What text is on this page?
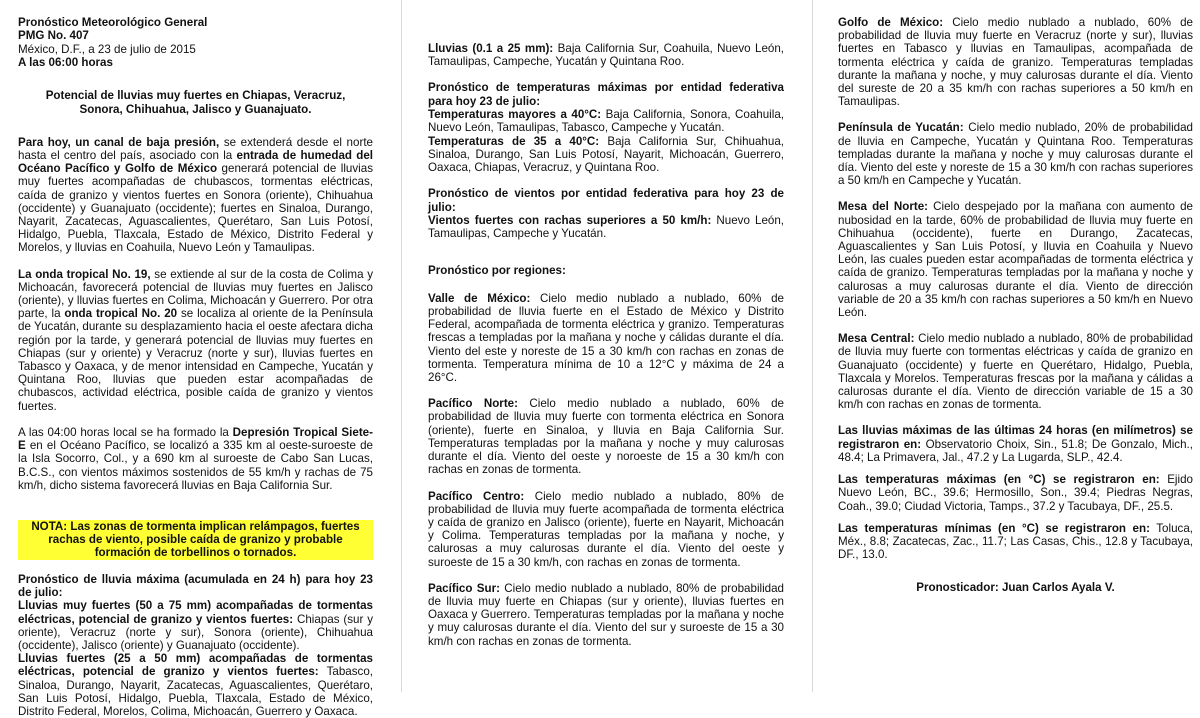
Pronóstico Meteorológico General

PMG No. 407

México, D.F., a 23 de julio de 2015

A las 06:00 horas

Potencial de lluvias muy fuertes en Chiapas, Veracruz, Sonora, Chihuahua, Jalisco y Guanajuato.

Para hoy, un canal de baja presión, se extenderá desde el norte hasta el centro del país, asociado con la entrada de humedad del Océano Pacífico y Golfo de México generará potencial de lluvias muy fuertes acompañadas de chubascos, tormentas eléctricas, caída de granizo y vientos fuertes en Sonora (oriente), Chihuahua (occidente) y Guanajuato (occidente); fuertes en Sinaloa, Durango, Nayarit, Zacatecas, Aguascalientes, Querétaro, San Luis Potosí, Hidalgo, Puebla, Tlaxcala, Estado de México, Distrito Federal y Morelos, y lluvias en Coahuila, Nuevo León y Tamaulipas.

La onda tropical No. 19, se extiende al sur de la costa de Colima y Michoacán, favorecerá potencial de lluvias muy fuertes en Jalisco (oriente), y lluvias fuertes en Colima, Michoacán y Guerrero. Por otra parte, la onda tropical No. 20 se localiza al oriente de la Península de Yucatán, durante su desplazamiento hacia el oeste afectara dicha región por la tarde, y generará potencial de lluvias muy fuertes en Chiapas (sur y oriente) y Veracruz (norte y sur), lluvias fuertes en Tabasco y Oaxaca, y de menor intensidad en Campeche, Yucatán y Quintana Roo, lluvias que pueden estar acompañadas de chubascos, actividad eléctrica, posible caída de granizo y vientos fuertes.

A las 04:00 horas local se ha formado la Depresión Tropical Siete-E en el Océano Pacífico, se localizó a 335 km al oeste-suroeste de la Isla Socorro, Col., y a 690 km al suroeste de Cabo San Lucas, B.C.S., con vientos máximos sostenidos de 55 km/h y rachas de 75 km/h, dicho sistema favorecerá lluvias en Baja California Sur.

NOTA: Las zonas de tormenta implican relámpagos, fuertes rachas de viento, posible caída de granizo y probable formación de torbellinos o tornados.

Pronóstico de lluvia máxima (acumulada en 24 h) para hoy 23 de julio:

Lluvias muy fuertes (50 a 75 mm) acompañadas de tormentas eléctricas, potencial de granizo y vientos fuertes: Chiapas (sur y oriente), Veracruz (norte y sur), Sonora (oriente), Chihuahua (occidente), Jalisco (oriente) y Guanajuato (occidente).

Lluvias fuertes (25 a 50 mm) acompañadas de tormentas eléctricas, potencial de granizo y vientos fuertes: Tabasco, Sinaloa, Durango, Nayarit, Zacatecas, Aguascalientes, Querétaro, San Luis Potosí, Hidalgo, Puebla, Tlaxcala, Estado de México, Distrito Federal, Morelos, Colima, Michoacán, Guerrero y Oaxaca.

Lluvias (0.1 a 25 mm): Baja California Sur, Coahuila, Nuevo León, Tamaulipas, Campeche, Yucatán y Quintana Roo.

Pronóstico de temperaturas máximas por entidad federativa para hoy 23 de julio:

Temperaturas mayores a 40°C: Baja California, Sonora, Coahuila, Nuevo León, Tamaulipas, Tabasco, Campeche y Yucatán.

Temperaturas de 35 a 40°C: Baja California Sur, Chihuahua, Sinaloa, Durango, San Luis Potosí, Nayarit, Michoacán, Guerrero, Oaxaca, Chiapas, Veracruz, y Quintana Roo.

Pronóstico de vientos por entidad federativa para hoy 23 de julio:

Vientos fuertes con rachas superiores a 50 km/h: Nuevo León, Tamaulipas, Campeche y Yucatán.

Pronóstico por regiones:

Valle de México: Cielo medio nublado a nublado, 60% de probabilidad de lluvia fuerte en el Estado de México y Distrito Federal, acompañada de tormenta eléctrica y granizo. Temperaturas frescas a templadas por la mañana y noche y cálidas durante el día. Viento del este y noreste de 15 a 30 km/h con rachas en zonas de tormenta. Temperatura mínima de 10 a 12°C y máxima de 24 a 26°C.

Pacífico Norte: Cielo medio nublado a nublado, 60% de probabilidad de lluvia muy fuerte con tormenta eléctrica en Sonora (oriente), fuerte en Sinaloa, y lluvia en Baja California Sur. Temperaturas templadas por la mañana y noche y muy calurosas durante el día. Viento del oeste y noroeste de 15 a 30 km/h con rachas en zonas de tormenta.

Pacífico Centro: Cielo medio nublado a nublado, 80% de probabilidad de lluvia muy fuerte acompañada de tormenta eléctrica y caída de granizo en Jalisco (oriente), fuerte en Nayarit, Michoacán y Colima. Temperaturas templadas por la mañana y noche, y calurosas a muy calurosas durante el día. Viento del oeste y suroeste de 15 a 30 km/h, con rachas en zonas de tormenta.

Pacífico Sur: Cielo medio nublado a nublado, 80% de probabilidad de lluvia muy fuerte en Chiapas (sur y oriente), lluvias fuertes en Oaxaca y Guerrero. Temperaturas templadas por la mañana y noche y muy calurosas durante el día. Viento del sur y suroeste de 15 a 30 km/h con rachas en zonas de tormenta.

Golfo de México: Cielo medio nublado a nublado, 60% de probabilidad de lluvia muy fuerte en Veracruz (norte y sur), lluvias fuertes en Tabasco y lluvias en Tamaulipas, acompañada de tormenta eléctrica y caída de granizo. Temperaturas templadas durante la mañana y noche, y muy calurosas durante el día. Viento del sureste de 20 a 35 km/h con rachas superiores a 50 km/h en Tamaulipas.

Península de Yucatán: Cielo medio nublado, 20% de probabilidad de lluvia en Campeche, Yucatán y Quintana Roo. Temperaturas templadas durante la mañana y noche y muy calurosas durante el día. Viento del este y noreste de 15 a 30 km/h con rachas superiores a 50 km/h en Campeche y Yucatán.

Mesa del Norte: Cielo despejado por la mañana con aumento de nubosidad en la tarde, 60% de probabilidad de lluvia muy fuerte en Chihuahua (occidente), fuerte en Durango, Zacatecas, Aguascalientes y San Luis Potosí, y lluvia en Coahuila y Nuevo León, las cuales pueden estar acompañadas de tormenta eléctrica y caída de granizo. Temperaturas templadas por la mañana y noche y calurosas a muy calurosas durante el día. Viento de dirección variable de 20 a 35 km/h con rachas superiores a 50 km/h en Nuevo León.

Mesa Central: Cielo medio nublado a nublado, 80% de probabilidad de lluvia muy fuerte con tormentas eléctricas y caída de granizo en Guanajuato (occidente) y fuerte en Querétaro, Hidalgo, Puebla, Tlaxcala y Morelos. Temperaturas frescas por la mañana y cálidas a calurosas durante el día. Viento de dirección variable de 15 a 30 km/h con rachas en zonas de tormenta.

Las lluvias máximas de las últimas 24 horas (en milímetros) se registraron en: Observatorio Choix, Sin., 51.8; De Gonzalo, Mich., 48.4; La Primavera, Jal., 47.2 y La Lugarda, SLP., 42.4.

Las temperaturas máximas (en °C) se registraron en: Ejido Nuevo León, BC., 39.6; Hermosillo, Son., 39.4; Piedras Negras, Coah., 39.0; Ciudad Victoria, Tamps., 37.2 y Tacubaya, DF., 25.5.

Las temperaturas mínimas (en °C) se registraron en: Toluca, Méx., 8.8; Zacatecas, Zac., 11.7; Las Casas, Chis., 12.8 y Tacubaya, DF., 13.0.

Pronosticador: Juan Carlos Ayala V.
